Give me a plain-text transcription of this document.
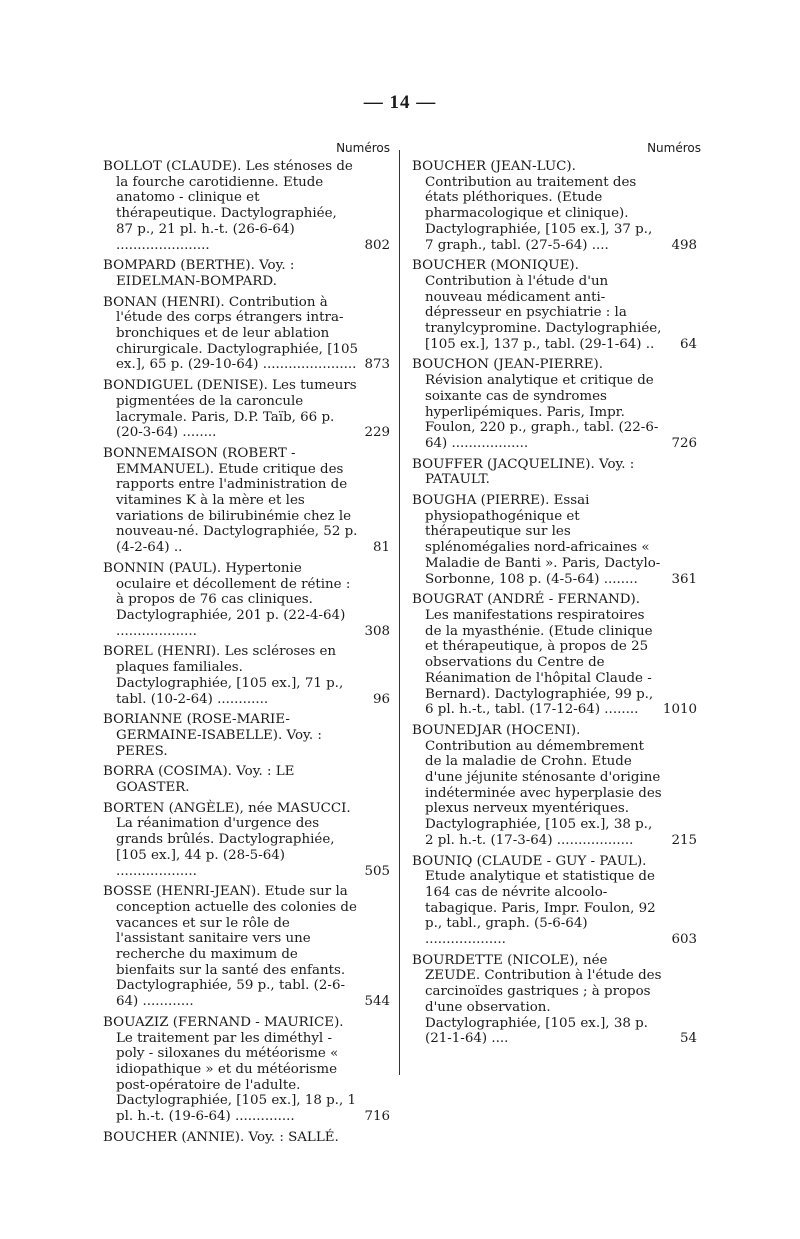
— 14 —
Numéros
BOLLOT (CLAUDE). Les sténoses de la fourche carotidienne. Etude anatomo - clinique et thérapeutique. Dactylographiée, 87 p., 21 pl. h.-t. (26-6-64) ......................	802
BOMPARD (BERTHE). Voy. : EIDELMAN-BOMPARD.
BONAN (HENRI). Contribution à l'étude des corps étrangers intra-bronchiques et de leur ablation chirurgicale. Dactylographiée, [105 ex.], 65 p. (29-10-64) ...................... 873
BONDIGUEL (DENISE). Les tumeurs pigmentées de la caroncule lacrymale. Paris, D.P. Taïb, 66 p. (20-3-64) ........	229
BONNEMAISON (ROBERT - EMMANUEL). Etude critique des rapports entre l'administration de vitamines K à la mère et les variations de bilirubinémie chez le nouveau-né. Dactylographiée, 52 p. (4-2-64) ..	81
BONNIN (PAUL). Hypertonie oculaire et décollement de rétine : à propos de 76 cas cliniques. Dactylographiée, 201 p. (22-4-64) ...................	308
BOREL (HENRI). Les scléroses en plaques familiales. Dactylographiée, [105 ex.], 71 p., tabl. (10-2-64) ............	96
BORIANNE (ROSE-MARIE-GERMAINE-ISABELLE). Voy. : PERES.
BORRA (COSIMA). Voy. : LE GOASTER.
BORTEN (ANGÈLE), née MASUCCI. La réanimation d'urgence des grands brûlés. Dactylographiée, [105 ex.], 44 p. (28-5-64) ...................	505
BOSSE (HENRI-JEAN). Etude sur la conception actuelle des colonies de vacances et sur le rôle de l'assistant sanitaire vers une recherche du maximum de bienfaits sur la santé des enfants. Dactylographiée, 59 p., tabl. (2-6-64) ............	544
BOUAZIZ (FERNAND - MAURICE). Le traitement par les diméthyl - poly - siloxanes du météorisme « idiopathique » et du météorisme post-opératoire de l'adulte. Dactylographiée, [105 ex.], 18 p., 1 pl. h.-t. (19-6-64) ..............	716
BOUCHER (ANNIE). Voy. : SALLÉ.
Numéros
BOUCHER (JEAN-LUC). Contribution au traitement des états pléthoriques. (Etude pharmacologique et clinique). Dactylographiée, [105 ex.], 37 p., 7 graph., tabl. (27-5-64) ....	498
BOUCHER (MONIQUE). Contribution à l'étude d'un nouveau médicament anti-dépresseur en psychiatrie : la tranylcypromine. Dactylographiée, [105 ex.], 137 p., tabl. (29-1-64) .. 64
BOUCHON (JEAN-PIERRE). Révision analytique et critique de soixante cas de syndromes hyperlipémiques. Paris, Impr. Foulon, 220 p., graph., tabl. (22-6-64) ..................	726
BOUFFER (JACQUELINE). Voy. : PATAULT.
BOUGHA (PIERRE). Essai physiopathogénique et thérapeutique sur les splénomégalies nord-africaines « Maladie de Banti ». Paris, Dactylo-Sorbonne, 108 p. (4-5-64) ........	361
BOUGRAT (ANDRÉ - FERNAND). Les manifestations respiratoires de la myasthénie. (Etude clinique et thérapeutique, à propos de 25 observations du Centre de Réanimation de l'hôpital Claude - Bernard). Dactylographiée, 99 p., 6 pl. h.-t., tabl. (17-12-64) ........ 1010
BOUNEDJAR (HOCENI). Contribution au démembrement de la maladie de Crohn. Etude d'une jéjunite sténosante d'origine indéterminée avec hyperplasie des plexus nerveux myentériques. Dactylographiée, [105 ex.], 38 p., 2 pl. h.-t. (17-3-64) ..................	215
BOUNIQ (CLAUDE - GUY - PAUL). Etude analytique et statistique de 164 cas de névrite alcoolo-tabagique. Paris, Impr. Foulon, 92 p., tabl., graph. (5-6-64) ...................	603
BOURDETTE (NICOLE), née ZEUDE. Contribution à l'étude des carcinoïdes gastriques ; à propos d'une observation. Dactylographiée, [105 ex.], 38 p. (21-1-64) ....	54
